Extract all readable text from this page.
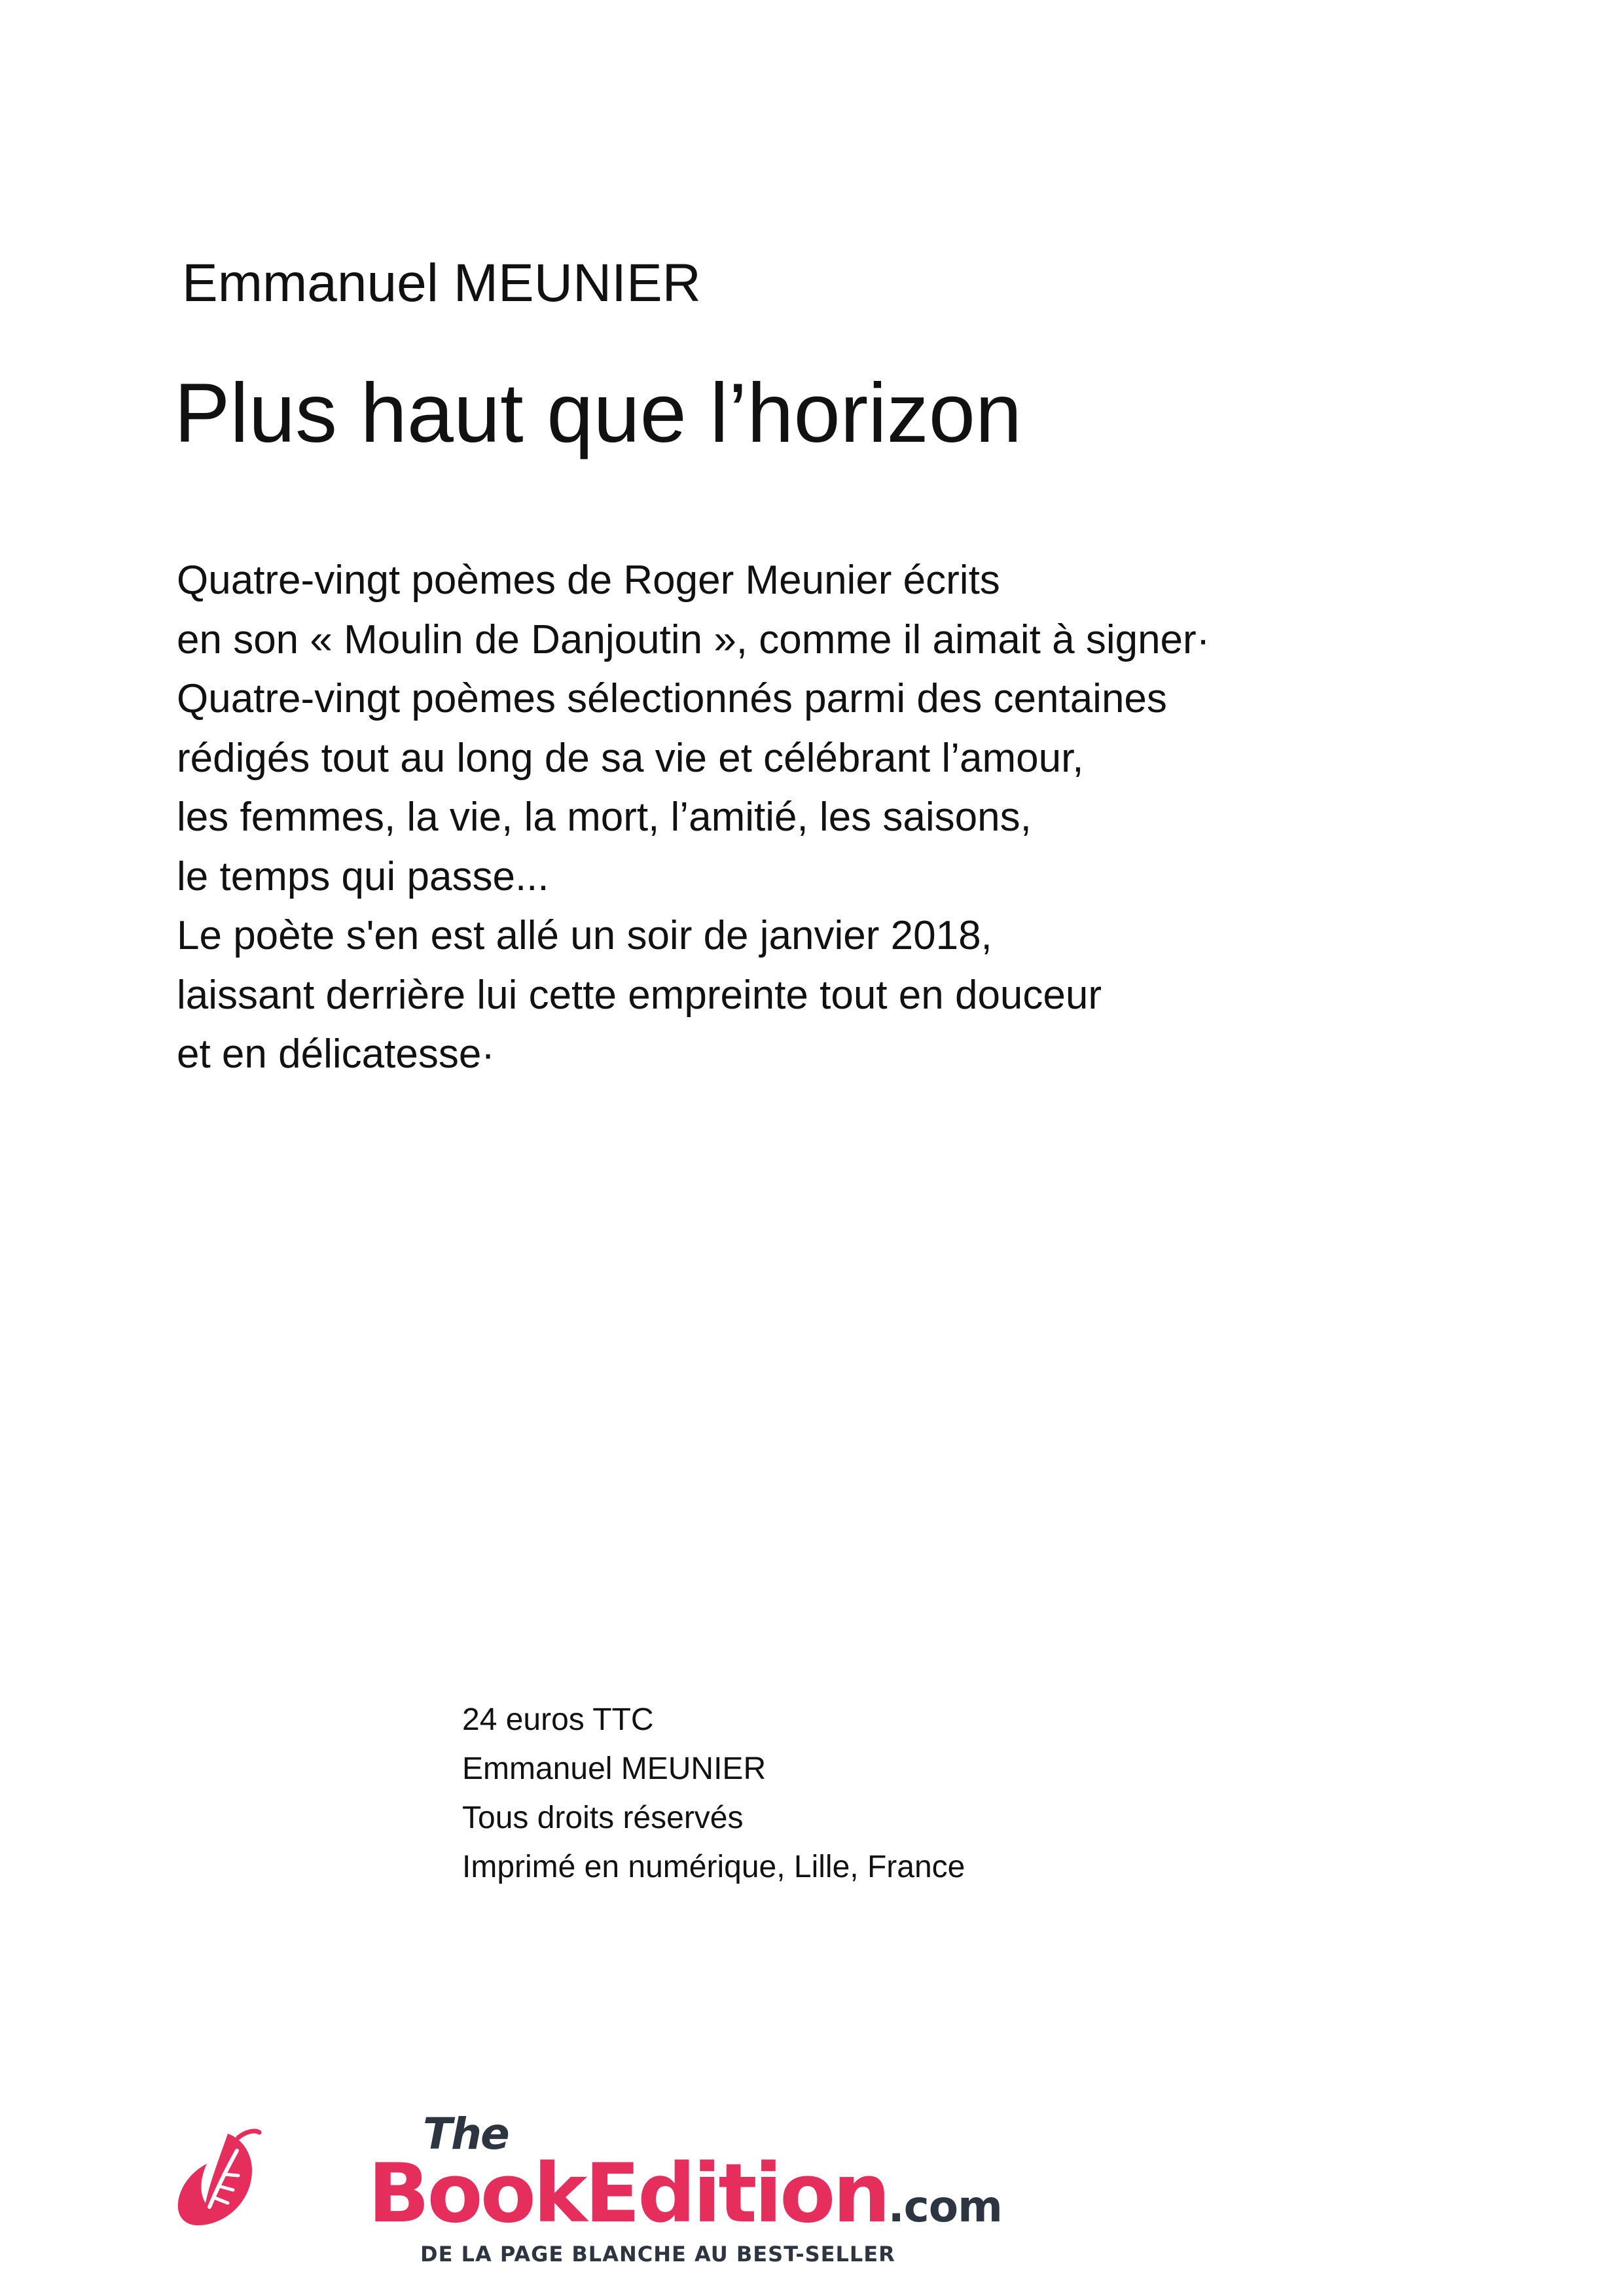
Emmanuel MEUNIER
Plus haut que l’horizon
Quatre-vingt poèmes de Roger Meunier écrits
en son « Moulin de Danjoutin », comme il aimait à signer·
Quatre-vingt poèmes sélectionnés parmi des centaines
rédigés tout au long de sa vie et célébrant l’amour,
les femmes, la vie, la mort, l’amitié, les saisons,
le temps qui passe...
Le poète s'en est allé un soir de janvier 2018,
laissant derrière lui cette empreinte tout en douceur
et en délicatesse·
24 euros TTC
Emmanuel MEUNIER
Tous droits réservés
Imprimé en numérique, Lille, France
The
BookEdition.com
DE LA PAGE BLANCHE AU BEST-SELLER
